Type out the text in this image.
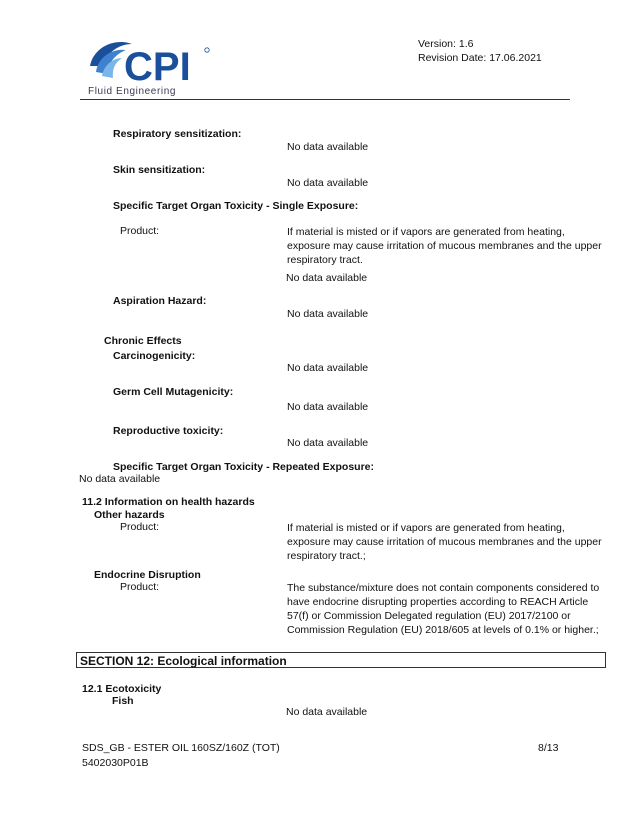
CPI
Fluid Engineering
Version: 1.6
Revision Date: 17.06.2021
Respiratory sensitization:
No data available
Skin sensitization:
No data available
Specific Target Organ Toxicity - Single Exposure:
Product:	If material is misted or if vapors are generated from heating,
exposure may cause irritation of mucous membranes and the upper
respiratory tract.
No data available
Aspiration Hazard:
No data available
Chronic Effects
Carcinogenicity:
No data available
Germ Cell Mutagenicity:
No data available
Reproductive toxicity:
No data available
Specific Target Organ Toxicity - Repeated Exposure:
No data available
11.2 Information on health hazards
Other hazards
Product:	If material is misted or if vapors are generated from heating,
exposure may cause irritation of mucous membranes and the upper
respiratory tract.;
Endocrine Disruption
Product:	The substance/mixture does not contain components considered to
have endocrine disrupting properties according to REACH Article
57(f) or Commission Delegated regulation (EU) 2017/2100 or
Commission Regulation (EU) 2018/605 at levels of 0.1% or higher.;
SECTION 12: Ecological information
12.1 Ecotoxicity
Fish
No data available
SDS_GB - ESTER OIL 160SZ/160Z (TOT)
5402030P01B
8/13
